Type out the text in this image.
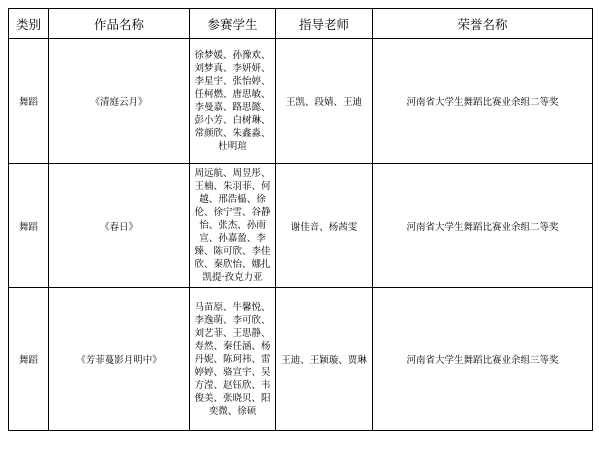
类别	作品名称	参赛学生	指导老师	荣誉名称
舞蹈	《清庭云月》	徐梦媛、孙豫欢、刘梦真、李妍妍、李星宇、张怡婷、任柯燃、唐思敏、李曼嘉、路思懿、彭小芳、白树琳、常颜欣、朱鑫淼、杜明瑄	王凯、段婧、王迪	河南省大学生舞蹈比赛业余组二等奖
舞蹈	《春日》	周远航、周昱彤、王楠、朱羽菲、何越、邢浩榀、徐伦、徐宁雪、谷静怡、张杰、孙雨宣、孙嘉盈、李臻、陈可欣、李佳欣、秦欣怡、娜扎凯提·孜克力亚	谢佳音、杨茜雯	河南省大学生舞蹈比赛业余组二等奖
舞蹈	《芳菲蔓影月明中》	马苗原、牛馨悦、李逸萌、李可欣、刘艺菲、王思静、寿然、秦任涵、杨丹妮、陈珂祎、雷婷婷、骆宣宇、吴方滢、赵钰欣、韦俊美、张晓贝、阳奕微、徐硕	王迪、王颖璇、贾琳	河南省大学生舞蹈比赛业余组三等奖
